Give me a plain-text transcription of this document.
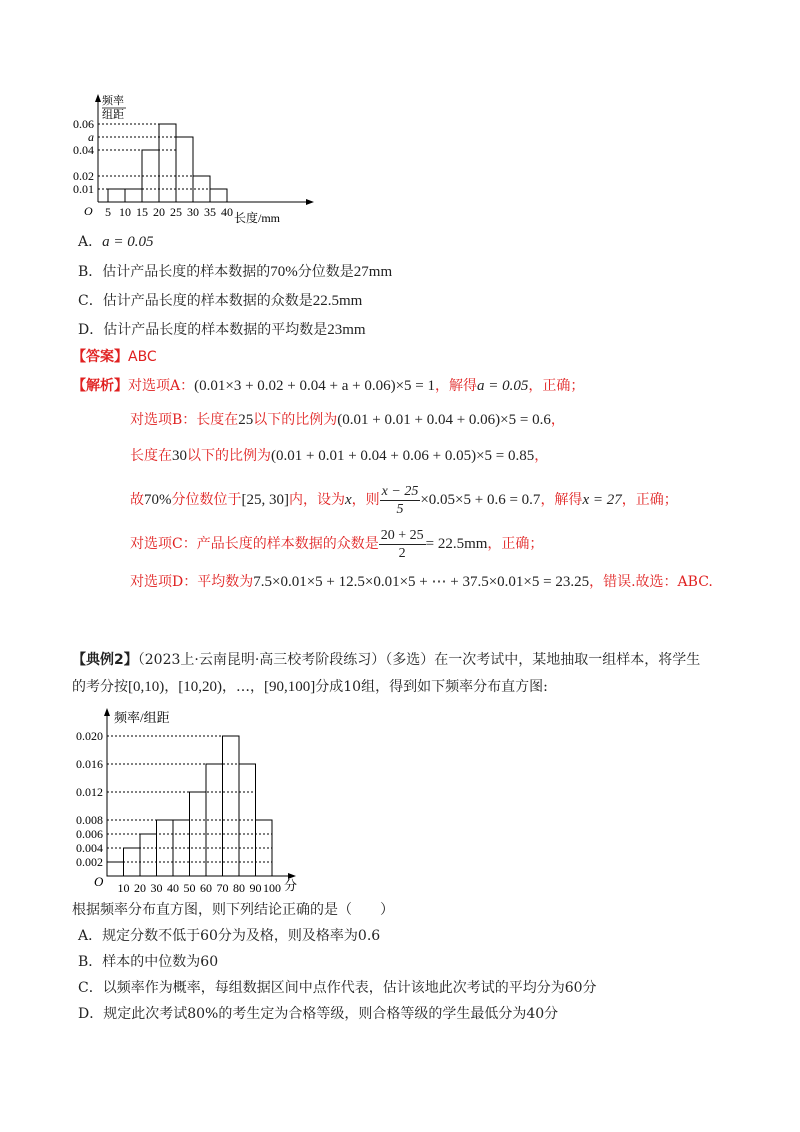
频率
组距
O	长度/mm
0.06
a
0.04
0.02
0.01
5 10 15 20 25 30 35 40
A．a = 0.05
B．估计产品长度的样本数据的70%分位数是27mm
C．估计产品长度的样本数据的众数是22.5mm
D．估计产品长度的样本数据的平均数是23mm
【答案】ABC
【解析】对选项A：(0.01×3 + 0.02 + 0.04 + a + 0.06)×5 = 1，解得a = 0.05，正确；
对选项B：长度在25以下的比例为(0.01 + 0.01 + 0.04 + 0.06)×5 = 0.6，
长度在30以下的比例为(0.01 + 0.01 + 0.04 + 0.06 + 0.05)×5 = 0.85，
故70%分位数位于[25, 30]内，设为x，则 $\frac{x - 25}{5} \times 0.05\times 5 + 0.6 = 0.7$，解得x = 27，正确；
对选项C：产品长度的样本数据的众数是 $\frac{20 + 25}{2} = 22.5mm$，正确；
对选项D：平均数为7.5×0.01×5 + 12.5×0.01×5 + ⋯ + 37.5×0.01×5 = 23.25，错误.故选：ABC.
【典例2】（2023上·云南昆明·高三校考阶段练习）（多选）在一次考试中，某地抽取一组样本，将学生
的考分按[0,10)，[10,20)，…，[90,100]分成10组，得到如下频率分布直方图:
频率/组距
O	分
0.020
0.016
0.012
0.008
0.006
0.004
0.002
10 20 30 40 50 60 70 80 90 100
根据频率分布直方图，则下列结论正确的是（　　）
A．规定分数不低于60分为及格，则及格率为0.6
B．样本的中位数为60
C．以频率作为概率，每组数据区间中点作代表，估计该地此次考试的平均分为60分
D．规定此次考试80%的考生定为合格等级，则合格等级的学生最低分为40分
